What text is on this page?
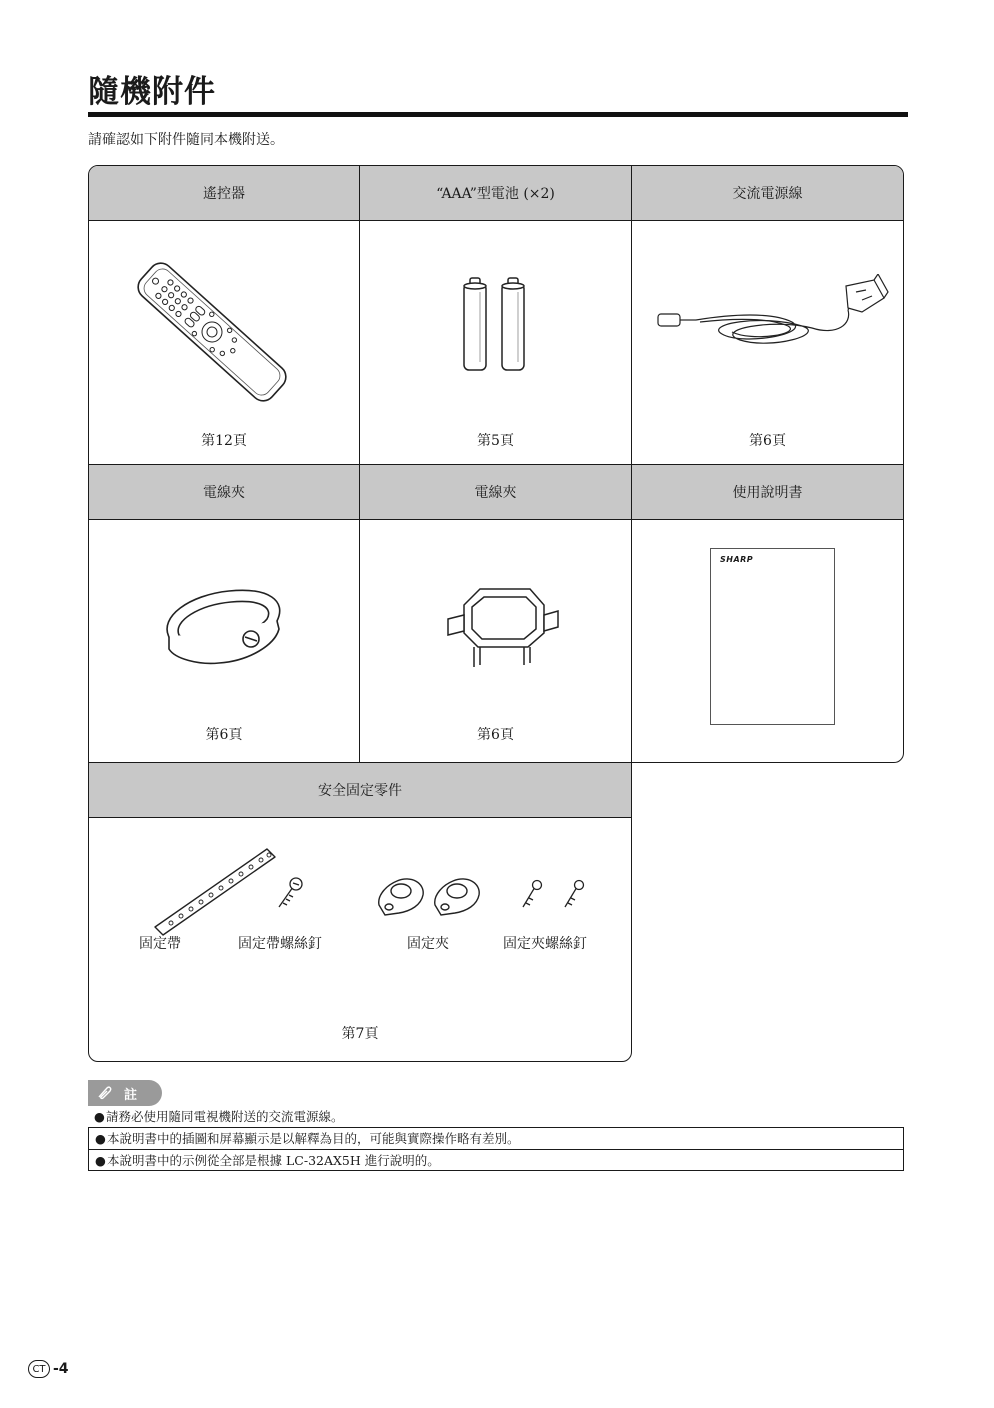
隨機附件

請確認如下附件隨同本機附送。

遙控器
第12頁
“AAA”型電池 (×2)
第5頁
交流電源線
第6頁
電線夾
第6頁
電線夾
第6頁
使用說明書
SHARP
安全固定零件
固定帶	固定帶螺絲釘	固定夾	固定夾螺絲釘
第7頁
註
●請務必使用隨同電視機附送的交流電源線。
●本說明書中的插圖和屏幕顯示是以解釋為目的，可能與實際操作略有差別。
●本說明書中的示例從全部是根據 LC-32AX5H 進行說明的。
CT -4
